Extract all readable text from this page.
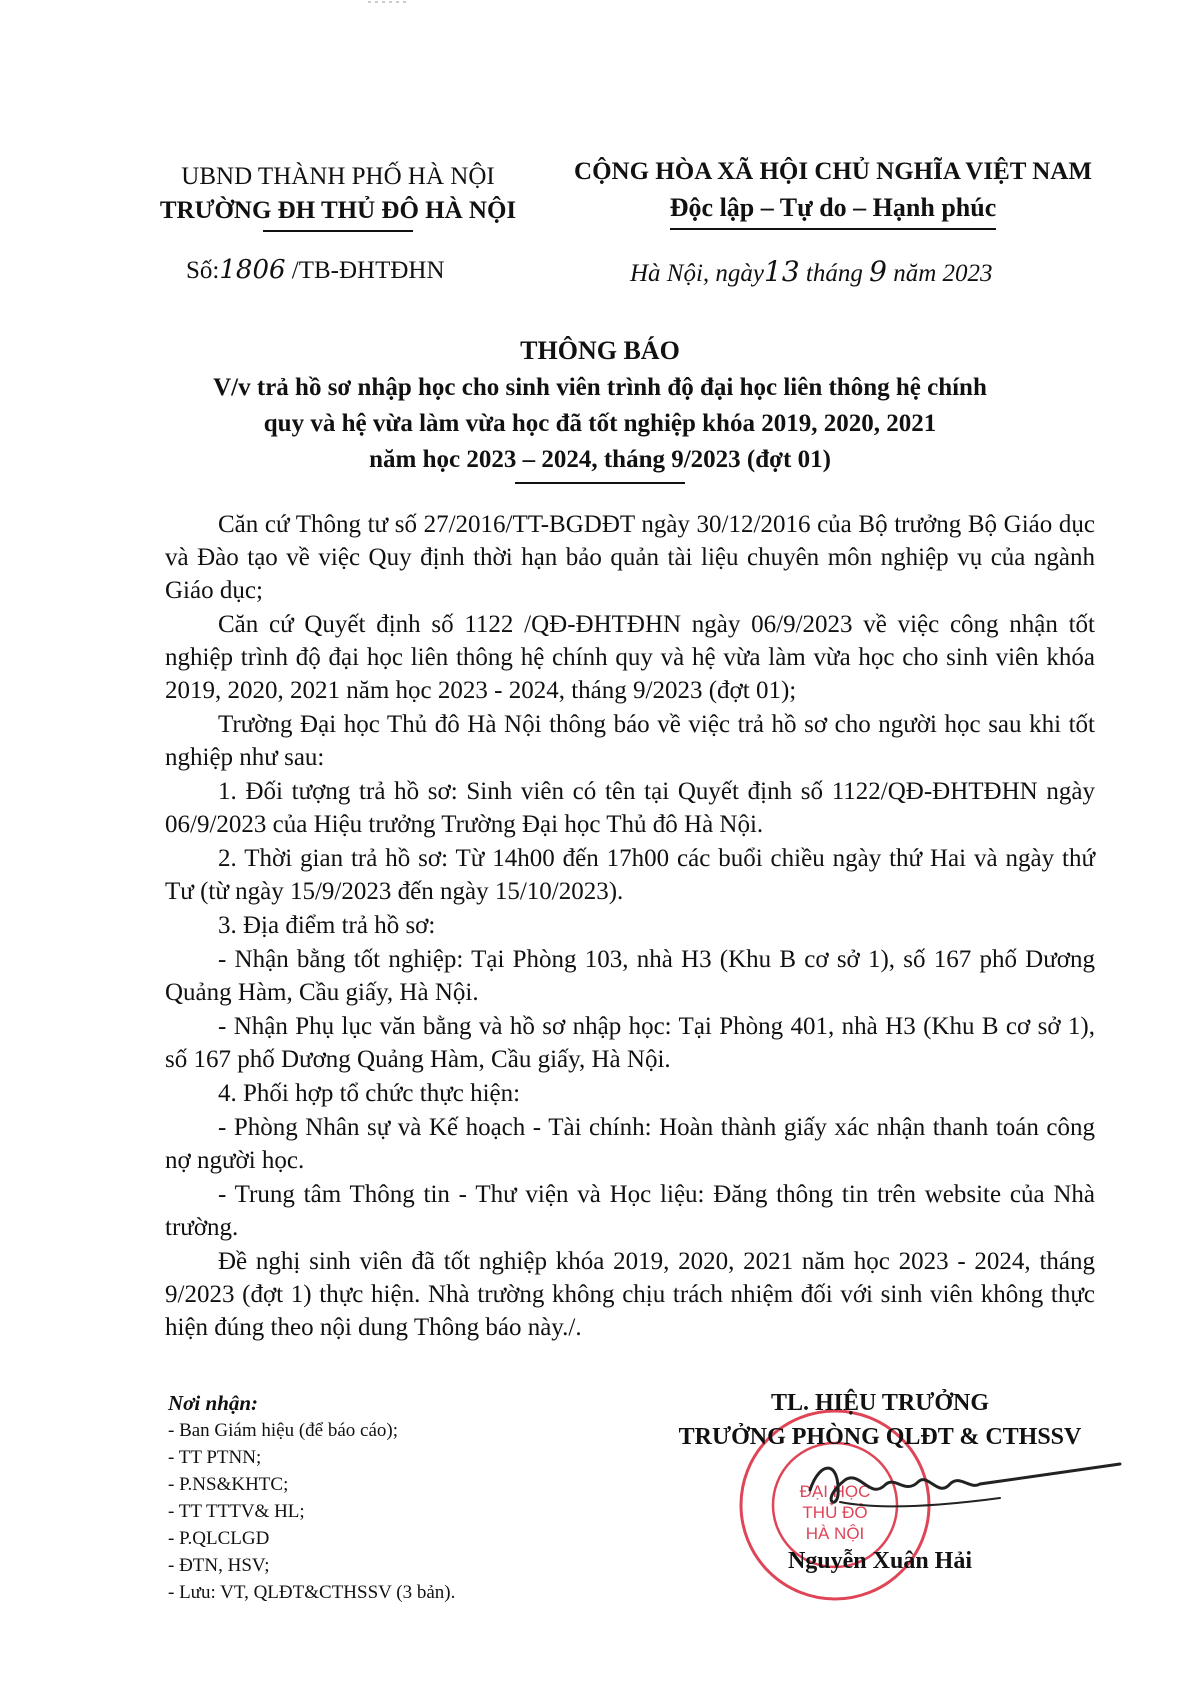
UBND THÀNH PHỐ HÀ NỘI
TRƯỜNG ĐH THỦ ĐÔ HÀ NỘI
CỘNG HÒA XÃ HỘI CHỦ NGHĨA VIỆT NAM
Độc lập – Tự do – Hạnh phúc
Số:1806 /TB-ĐHTĐHN	Hà Nội, ngày13 tháng 9 năm 2023
THÔNG BÁO
V/v trả hồ sơ nhập học cho sinh viên trình độ đại học liên thông hệ chính
quy và hệ vừa làm vừa học đã tốt nghiệp khóa 2019, 2020, 2021
năm học 2023 – 2024, tháng 9/2023 (đợt 01)

Căn cứ Thông tư số 27/2016/TT-BGDĐT ngày 30/12/2016 của Bộ trưởng Bộ Giáo dục và Đào tạo về việc Quy định thời hạn bảo quản tài liệu chuyên môn nghiệp vụ của ngành Giáo dục;

Căn cứ Quyết định số 1122 /QĐ-ĐHTĐHN ngày 06/9/2023 về việc công nhận tốt nghiệp trình độ đại học liên thông hệ chính quy và hệ vừa làm vừa học cho sinh viên khóa 2019, 2020, 2021 năm học 2023 - 2024, tháng 9/2023 (đợt 01);

Trường Đại học Thủ đô Hà Nội thông báo về việc trả hồ sơ cho người học sau khi tốt nghiệp như sau:

1. Đối tượng trả hồ sơ: Sinh viên có tên tại Quyết định số 1122/QĐ-ĐHTĐHN ngày 06/9/2023 của Hiệu trưởng Trường Đại học Thủ đô Hà Nội.

2. Thời gian trả hồ sơ: Từ 14h00 đến 17h00 các buổi chiều ngày thứ Hai và ngày thứ Tư (từ ngày 15/9/2023 đến ngày 15/10/2023).

3. Địa điểm trả hồ sơ:

- Nhận bằng tốt nghiệp: Tại Phòng 103, nhà H3 (Khu B cơ sở 1), số 167 phố Dương Quảng Hàm, Cầu giấy, Hà Nội.

- Nhận Phụ lục văn bằng và hồ sơ nhập học: Tại Phòng 401, nhà H3 (Khu B cơ sở 1), số 167 phố Dương Quảng Hàm, Cầu giấy, Hà Nội.

4. Phối hợp tổ chức thực hiện:

- Phòng Nhân sự và Kế hoạch - Tài chính: Hoàn thành giấy xác nhận thanh toán công nợ người học.

- Trung tâm Thông tin - Thư viện và Học liệu: Đăng thông tin trên website của Nhà trường.

Đề nghị sinh viên đã tốt nghiệp khóa 2019, 2020, 2021 năm học 2023 - 2024, tháng 9/2023 (đợt 1) thực hiện. Nhà trường không chịu trách nhiệm đối với sinh viên không thực hiện đúng theo nội dung Thông báo này./.

Nơi nhận:
- Ban Giám hiệu (để báo cáo);
- TT PTNN;
- P.NS&KHTC;
- TT TTTV& HL;
- P.QLCLGD
- ĐTN, HSV;
- Lưu: VT, QLĐT&CTHSSV (3 bản).
ĐẠI HỌC
THỦ ĐÔ
HÀ NỘI
TL. HIỆU TRƯỞNG
TRƯỞNG PHÒNG QLĐT & CTHSSV
Nguyễn Xuân Hải
